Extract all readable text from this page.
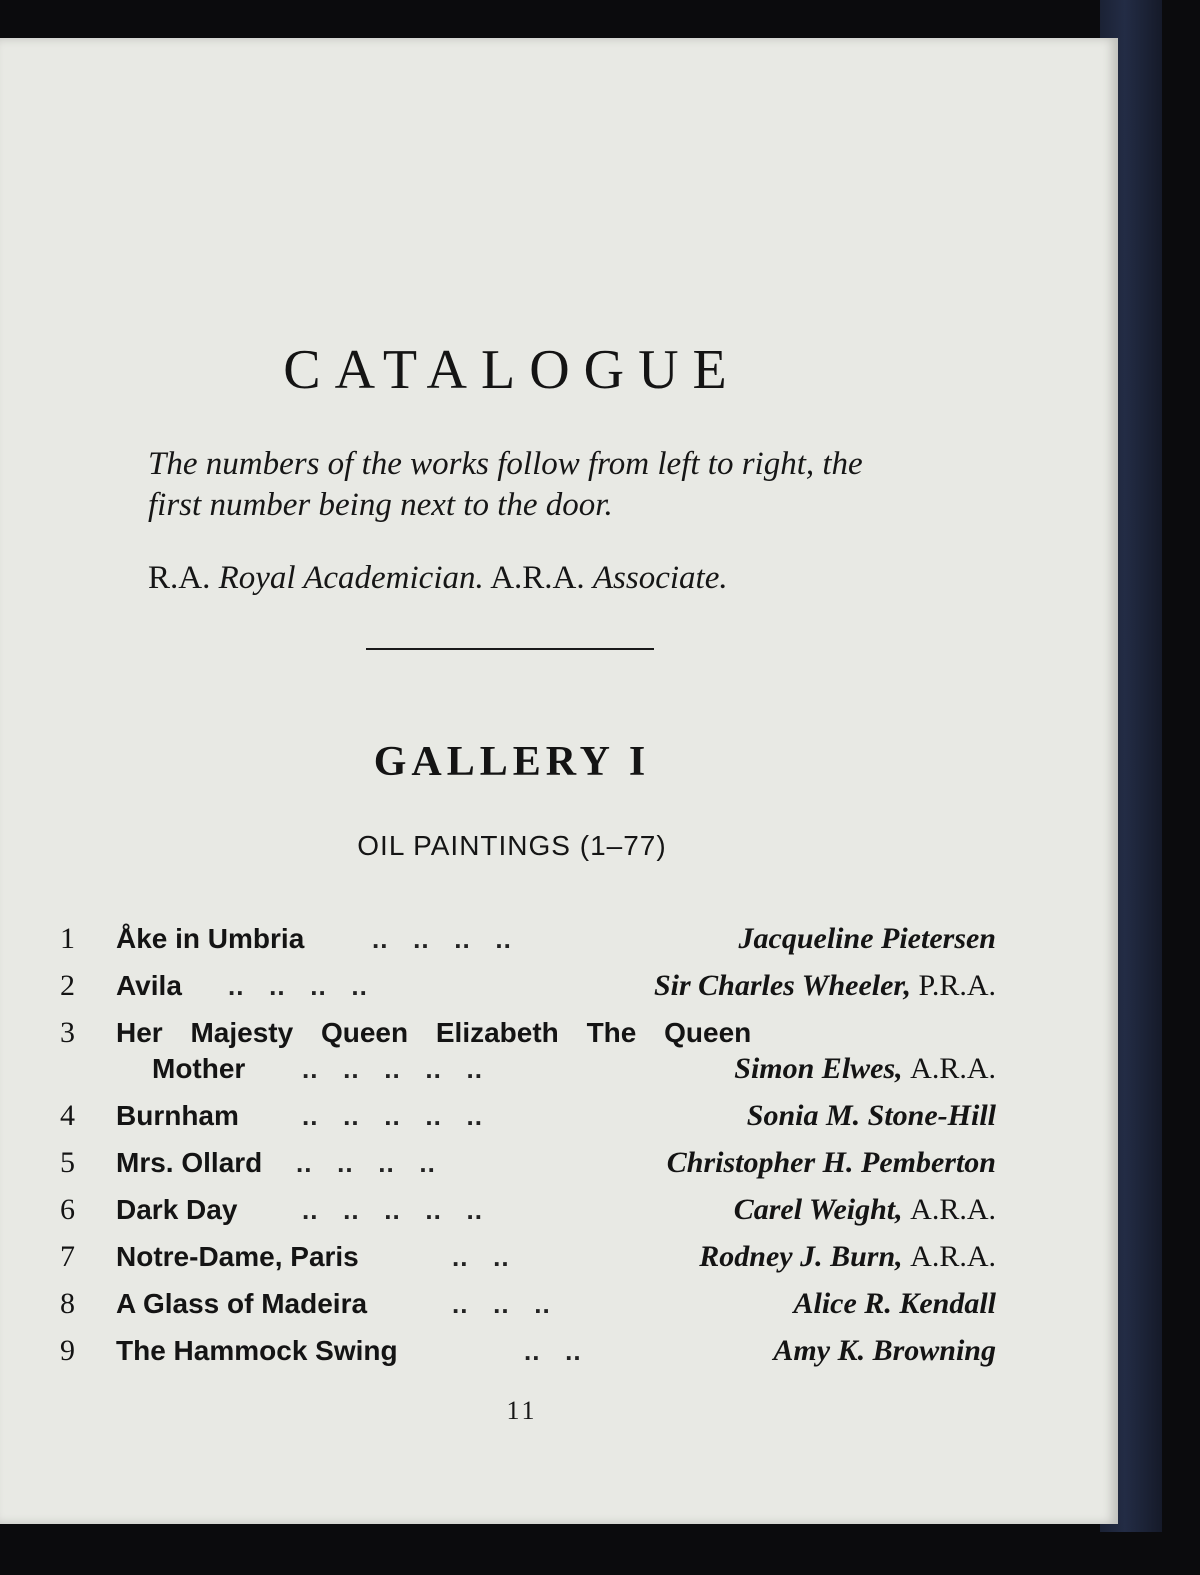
CATALOGUE
The numbers of the works follow from left to right, the first number being next to the door.
R.A. Royal Academician. A.R.A. Associate.
GALLERY I
OIL PAINTINGS (1–77)
1	Åke in Umbria	..   ..   ..   ..	Jacqueline Pietersen
2	Avila ..   ..   ..   ..	Sir Charles Wheeler, P.R.A.
3	Her Majesty Queen Elizabeth The Queen
Mother ..   ..   ..   ..   ..	Simon Elwes, A.R.A.
4	Burnham ..   ..   ..   ..   ..	Sonia M. Stone-Hill
5	Mrs. Ollard ..   ..   ..   ..	Christopher H. Pemberton
6	Dark Day ..   ..   ..   ..   ..	Carel Weight, A.R.A.
7	Notre-Dame, Paris	..   ..	Rodney J. Burn, A.R.A.
8	A Glass of Madeira	..   ..   ..	Alice R. Kendall
9	The Hammock Swing	..   ..	Amy K. Browning
11
